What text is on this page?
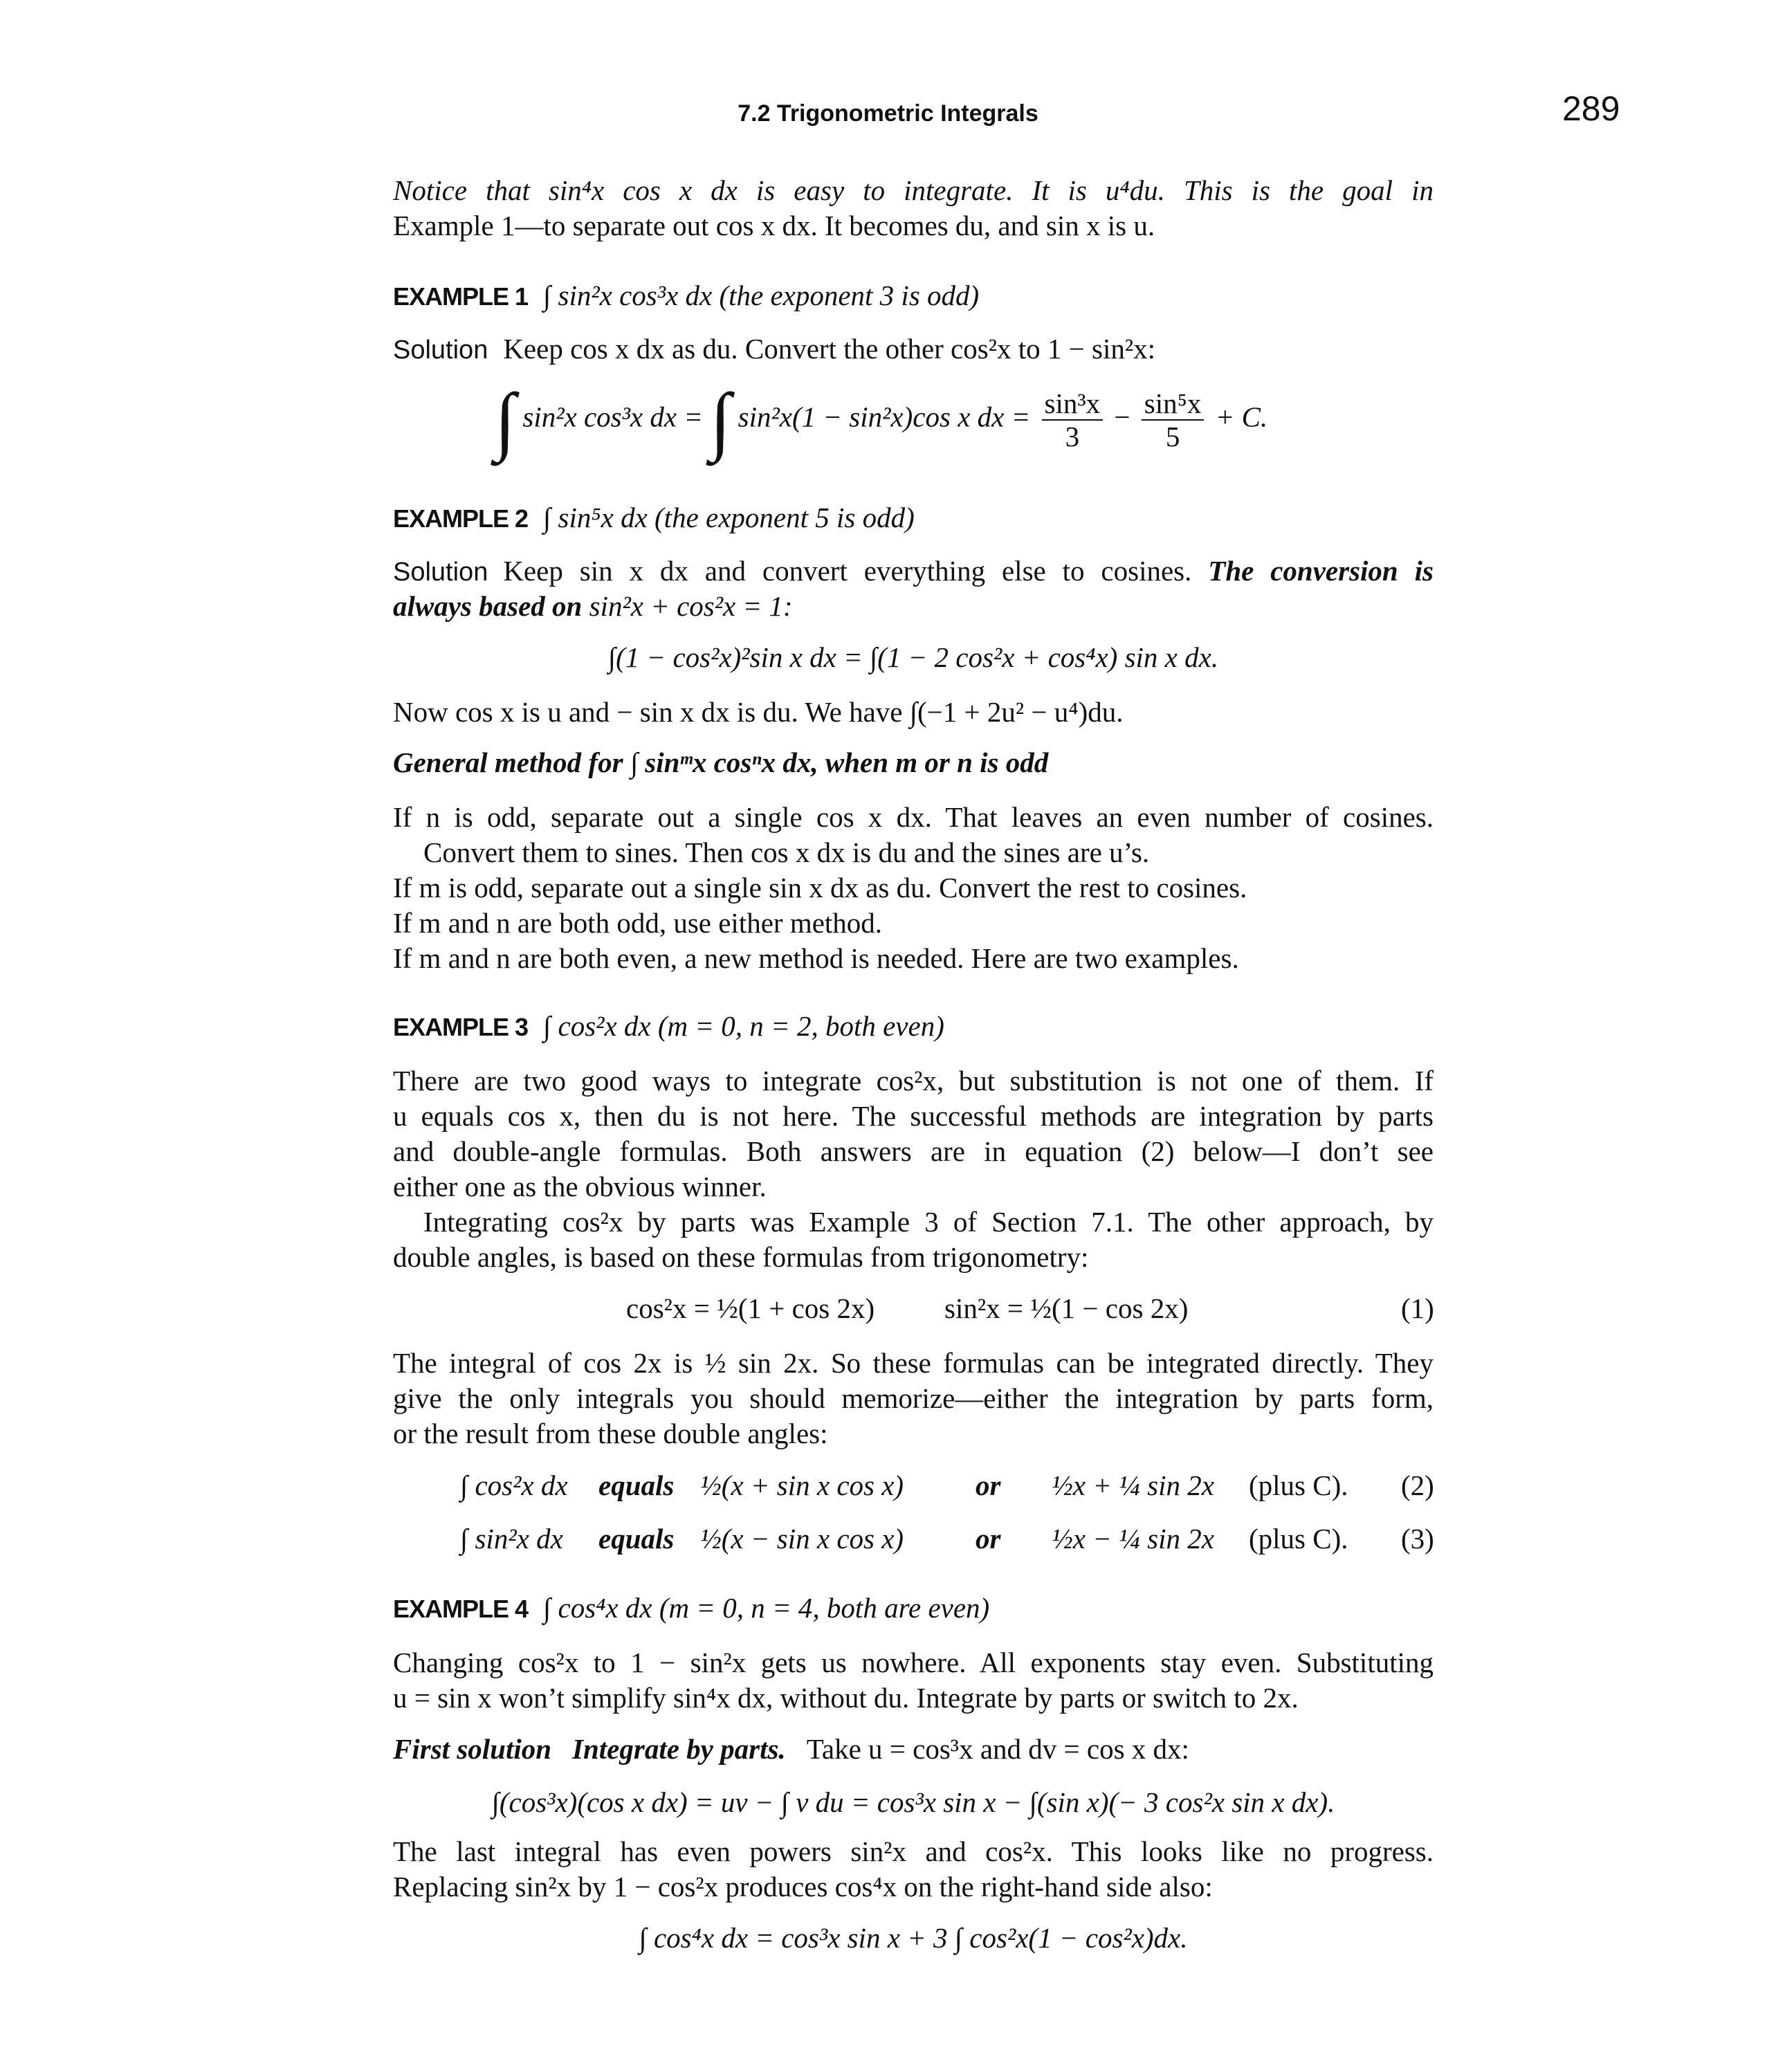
7.2 Trigonometric Integrals	289
Notice that sin⁴x cos x dx is easy to integrate. It is u⁴du. This is the goal in
Example 1—to separate out cos x dx. It becomes du, and sin x is u.
EXAMPLE 1 ∫ sin²x cos³x dx (the exponent 3 is odd)
Solution Keep cos x dx as du. Convert the other cos²x to 1 − sin²x:
∫ sin²x cos³x dx = ∫ sin²x(1 − sin²x)cos x dx = $\frac{\text{sin³x}}{3} - \frac{\text{sin⁵x}}{5} + C$.
EXAMPLE 2 ∫ sin⁵x dx (the exponent 5 is odd)
Solution Keep sin x dx and convert everything else to cosines. The conversion is
always based on sin²x + cos²x = 1:
∫(1 − cos²x)²sin x dx = ∫(1 − 2 cos²x + cos⁴x) sin x dx.
Now cos x is u and − sin x dx is du. We have ∫(−1 + 2u² − u⁴)du.
General method for ∫ sinᵐx cosⁿx dx, when m or n is odd
If n is odd, separate out a single cos x dx. That leaves an even number of cosines.
Convert them to sines. Then cos x dx is du and the sines are u’s.
If m is odd, separate out a single sin x dx as du. Convert the rest to cosines.
If m and n are both odd, use either method.
If m and n are both even, a new method is needed. Here are two examples.
EXAMPLE 3 ∫ cos²x dx (m = 0, n = 2, both even)
There are two good ways to integrate cos²x, but substitution is not one of them. If
u equals cos x, then du is not here. The successful methods are integration by parts
and double-angle formulas. Both answers are in equation (2) below—I don’t see
either one as the obvious winner.
Integrating cos²x by parts was Example 3 of Section 7.1. The other approach, by
double angles, is based on these formulas from trigonometry:
cos²x = ½(1 + cos 2x) sin²x = ½(1 − cos 2x)	(1)
The integral of cos 2x is ½ sin 2x. So these formulas can be integrated directly. They
give the only integrals you should memorize—either the integration by parts form,
or the result from these double angles:
∫ cos²x dx equals ½(x + sin x cos x)	or ½x + ¼ sin 2x (plus C). (2)
∫ sin²x dx equals ½(x − sin x cos x)	or ½x − ¼ sin 2x (plus C). (3)
EXAMPLE 4 ∫ cos⁴x dx (m = 0, n = 4, both are even)
Changing cos²x to 1 − sin²x gets us nowhere. All exponents stay even. Substituting
u = sin x won’t simplify sin⁴x dx, without du. Integrate by parts or switch to 2x.
First solution Integrate by parts. Take u = cos³x and dv = cos x dx:
∫(cos³x)(cos x dx) = uv − ∫ v du = cos³x sin x − ∫(sin x)(− 3 cos²x sin x dx).
The last integral has even powers sin²x and cos²x. This looks like no progress.
Replacing sin²x by 1 − cos²x produces cos⁴x on the right-hand side also:
∫ cos⁴x dx = cos³x sin x + 3 ∫ cos²x(1 − cos²x)dx.
